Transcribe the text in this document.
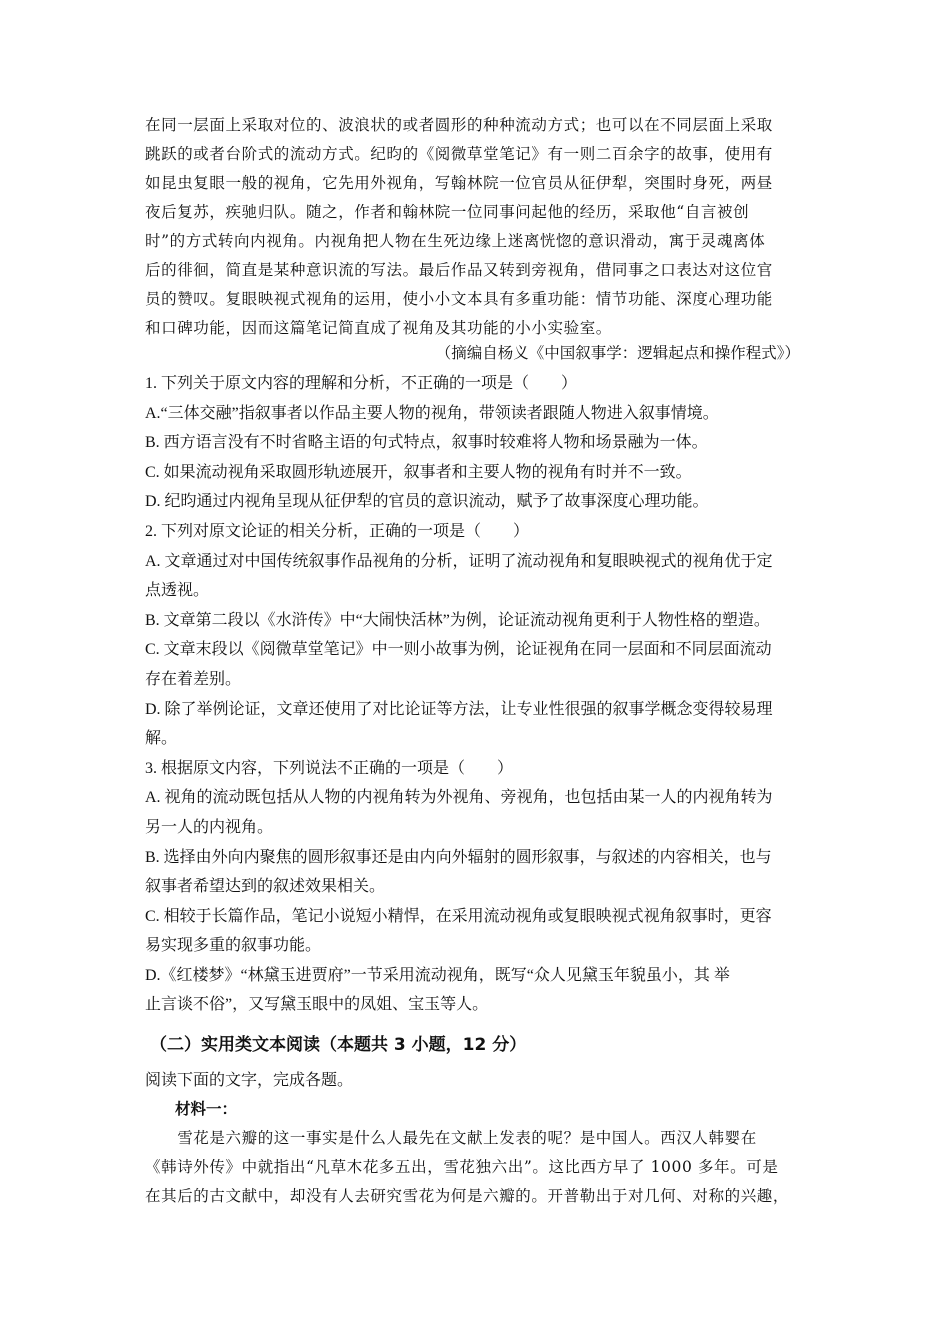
在同一层面上采取对位的、波浪状的或者圆形的种种流动方式；也可以在不同层面上采取
跳跃的或者台阶式的流动方式。纪昀的《阅微草堂笔记》有一则二百余字的故事，使用有
如昆虫复眼一般的视角，它先用外视角，写翰林院一位官员从征伊犁，突围时身死，两昼
夜后复苏，疾驰归队。随之，作者和翰林院一位同事问起他的经历，采取他“自言被创
时”的方式转向内视角。内视角把人物在生死边缘上迷离恍惚的意识滑动，寓于灵魂离体
后的徘徊，简直是某种意识流的写法。最后作品又转到旁视角，借同事之口表达对这位官
员的赞叹。复眼映视式视角的运用，使小小文本具有多重功能：情节功能、深度心理功能
和口碑功能，因而这篇笔记简直成了视角及其功能的小小实验室。
（摘编自杨义《中国叙事学：逻辑起点和操作程式》）
1. 下列关于原文内容的理解和分析，不正确的一项是（　　）
A.“三体交融”指叙事者以作品主要人物的视角，带领读者跟随人物进入叙事情境。
B. 西方语言没有不时省略主语的句式特点，叙事时较难将人物和场景融为一体。
C. 如果流动视角采取圆形轨迹展开，叙事者和主要人物的视角有时并不一致。
D. 纪昀通过内视角呈现从征伊犁的官员的意识流动，赋予了故事深度心理功能。
2. 下列对原文论证的相关分析，正确的一项是（　　）
A. 文章通过对中国传统叙事作品视角的分析，证明了流动视角和复眼映视式的视角优于定
点透视。
B. 文章第二段以《水浒传》中“大闹快活林”为例，论证流动视角更利于人物性格的塑造。
C. 文章末段以《阅微草堂笔记》中一则小故事为例，论证视角在同一层面和不同层面流动
存在着差别。
D. 除了举例论证，文章还使用了对比论证等方法，让专业性很强的叙事学概念变得较易理
解。
3. 根据原文内容，下列说法不正确的一项是（　　）
A. 视角的流动既包括从人物的内视角转为外视角、旁视角，也包括由某一人的内视角转为
另一人的内视角。
B. 选择由外向内聚焦的圆形叙事还是由内向外辐射的圆形叙事，与叙述的内容相关，也与
叙事者希望达到的叙述效果相关。
C. 相较于长篇作品，笔记小说短小精悍，在采用流动视角或复眼映视式视角叙事时，更容
易实现多重的叙事功能。
D.《红楼梦》“林黛玉进贾府”一节采用流动视角，既写“众人见黛玉年貌虽小，其 举
止言谈不俗”，又写黛玉眼中的凤姐、宝玉等人。
（二）实用类文本阅读（本题共 3 小题，12 分）
阅读下面的文字，完成各题。
材料一：
　　雪花是六瓣的这一事实是什么人最先在文献上发表的呢？是中国人。西汉人韩婴在
《韩诗外传》中就指出“凡草木花多五出，雪花独六出”。这比西方早了 1000 多年。可是
在其后的古文献中，却没有人去研究雪花为何是六瓣的。开普勒出于对几何、对称的兴趣，
